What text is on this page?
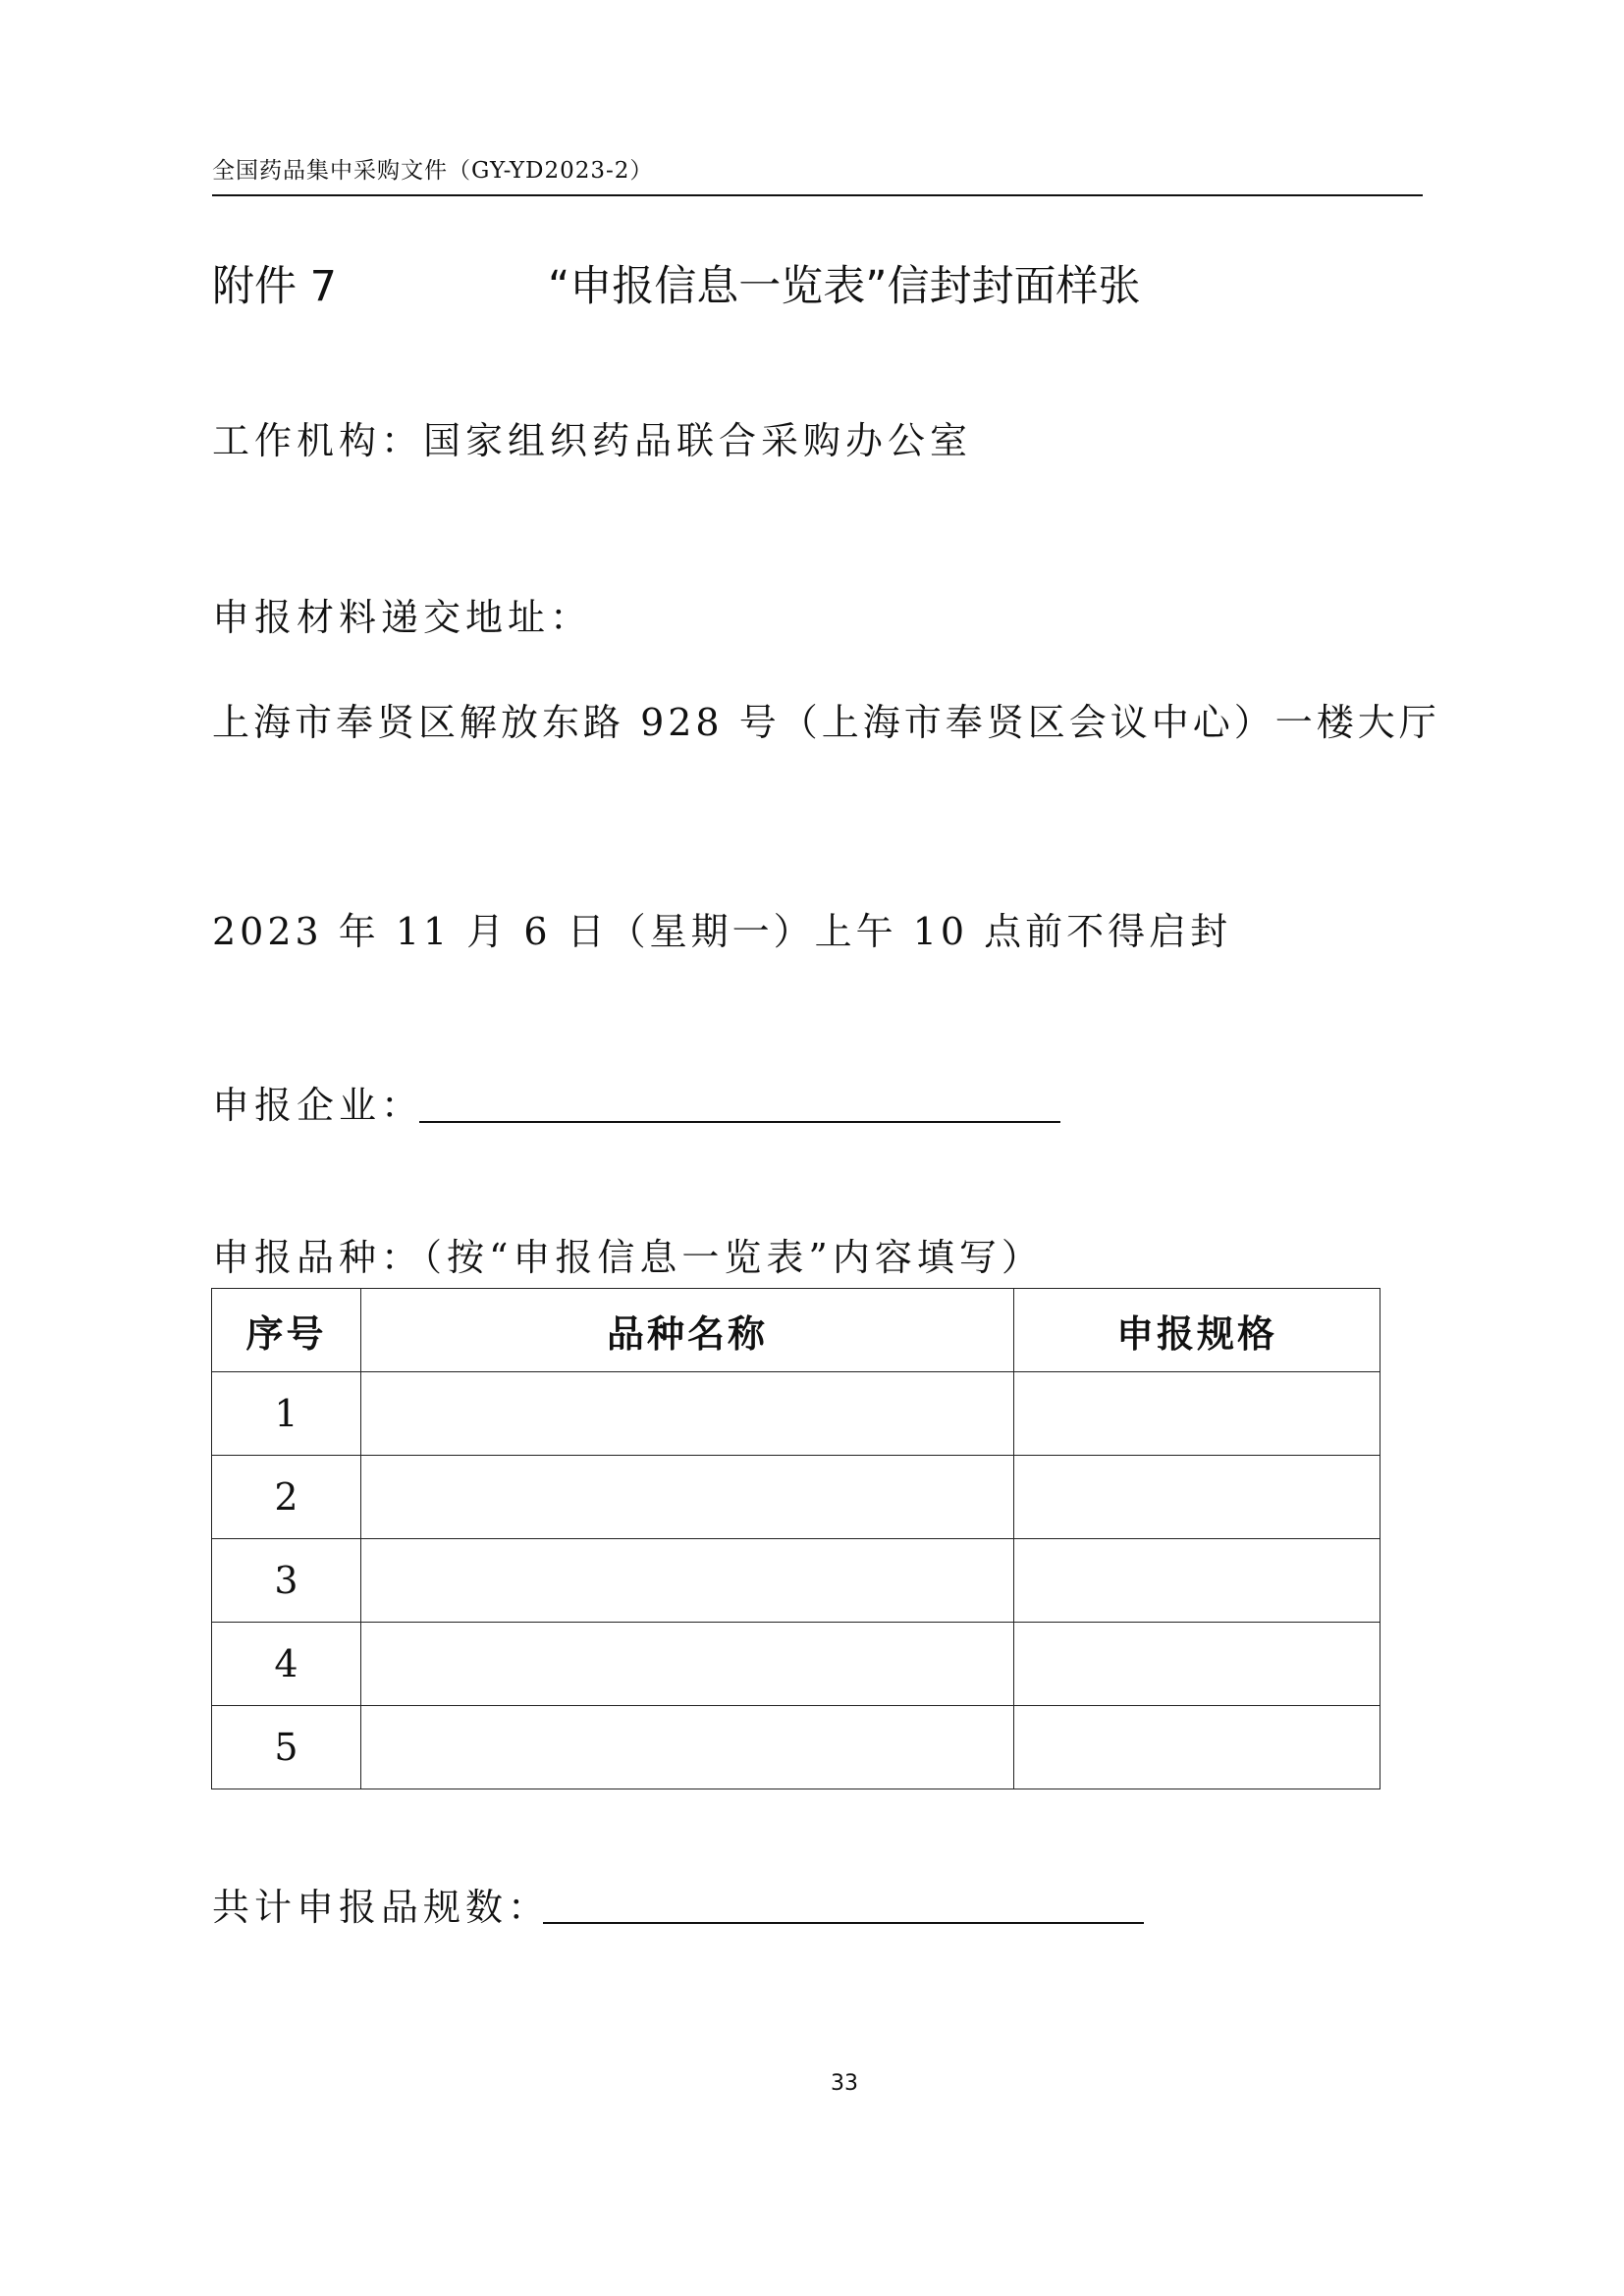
全国药品集中采购文件（GY-YD2023-2）
附件 7	“申报信息一览表”信封封面样张
工作机构：国家组织药品联合采购办公室
申报材料递交地址：
上海市奉贤区解放东路 928 号（上海市奉贤区会议中心）一楼大厅
2023 年 11 月 6 日（星期一）上午 10 点前不得启封
申报企业：
申报品种：（按“申报信息一览表”内容填写）
序号	品种名称	申报规格
1		
2		
3		
4		
5		
共计申报品规数：
33
